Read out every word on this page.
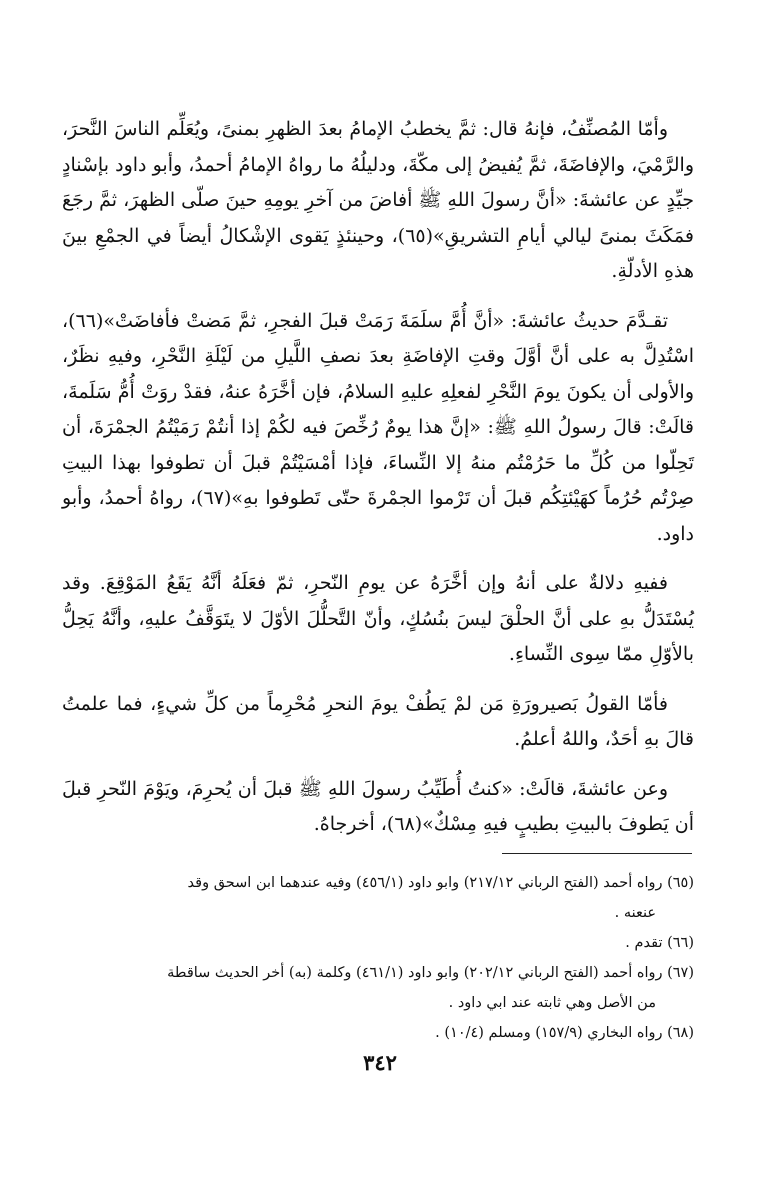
وأمّا المُصنِّفُ، فإنهُ قال: ثمَّ يخطبُ الإمامُ بعدَ الظهرِ بمنىً، ويُعَلِّم الناسَ النَّحرَ، والرَّمْيَ، والإفاضَةَ، ثمَّ يُفيضُ إلى مكّةَ، ودليلُهُ ما رواهُ الإمامُ أحمدُ، وأبو داود بإسْنادٍ جيِّدٍ عن عائشةَ: «أنَّ رسولَ اللهِ ﷺ أفاضَ من آخرِ يومِهِ حينَ صلّى الظهرَ، ثمَّ رجَعَ فمَكَثَ بمنىً ليالي أيامِ التشريقِ»(٦٥)، وحينئذٍ يَقوى الإشْكالُ أيضاً في الجمْعِ بينَ هذهِ الأدلّةِ.

تقـدَّمَ حديثُ عائشةَ: «أنَّ أُمَّ سلَمَةَ رَمَتْ قبلَ الفجرِ، ثمَّ مَضتْ فأفاضَتْ»(٦٦)، اسْتُدِلَّ به على أنَّ أوَّلَ وقتِ الإفاضَةِ بعدَ نصفِ اللَّيلِ من لَيْلَةِ النَّحْرِ، وفيهِ نظَرٌ، والأولى أن يكونَ يومَ النَّحْرِ لفعلِهِ عليهِ السلامُ، فإن أخَّرَهُ عنهُ، فقدْ روَتْ أُمُّ سَلَمةَ، قالَتْ: قالَ رسولُ اللهِ ﷺ: «إنَّ هذا يومٌ رُخِّصَ فيه لكُمْ إذا أنتُمْ رَمَيْتُمُ الجمْرَةَ، أن تَحِلّوا من كُلِّ ما حَرُمْتُم منهُ إلا النِّساءَ، فإذا أمْسَيْتُمْ قبلَ أن تطوفوا بهذا البيتِ صِرْتُم حُرُماً كهَيْئتِكُم قبلَ أن تَرْموا الجمْرةَ حتّى تَطوفوا بهِ»(٦٧)، رواهُ أحمدُ، وأبو داود.

ففيهِ دلالةٌ على أنهُ وإن أخَّرَهُ عن يومِ النّحرِ، ثمّ فعَلَهُ أنَّهُ يَقَعُ المَوْقِعَ. وقد يُسْتَدَلُّ بهِ على أنَّ الحلْقَ ليسَ بنُسُكٍ، وأنّ التَّحلُّلَ الأوّلَ لا يتَوَقَّفُ عليهِ، وأنَّهُ يَحِلُّ بالأوّلِ ممّا سِوى النِّساءِ.

فأمّا القولُ بَصيرورَةِ مَن لمْ يَطُفْ يومَ النحرِ مُحْرِماً من كلِّ شيءٍ، فما علمتُ قالَ بهِ أحَدٌ، واللهُ أعلمُ.

وعن عائشةَ، قالَتْ: «كنتُ أُطَيِّبُ رسولَ اللهِ ﷺ قبلَ أن يُحرِمَ، ويَوْمَ النّحرِ قبلَ أن يَطوفَ بالبيتِ بطيبٍ فيهِ مِسْكٌ»(٦٨)، أخرجاهُ.

(٦٥) رواه أحمد (الفتح الرباني ٢١٧/١٢) وابو داود (٤٥٦/١) وفيه عندهما ابن اسحق وقد
عنعنه .
(٦٦) تقدم .
(٦٧) رواه أحمد (الفتح الرباني ٢٠٢/١٢) وابو داود (٤٦١/١) وكلمة (به) أخر الحديث ساقطة
من الأصل وهي ثابته عند ابي داود .
(٦٨) رواه البخاري (١٥٧/٩) ومسلم (١٠/٤) .
٣٤٢
